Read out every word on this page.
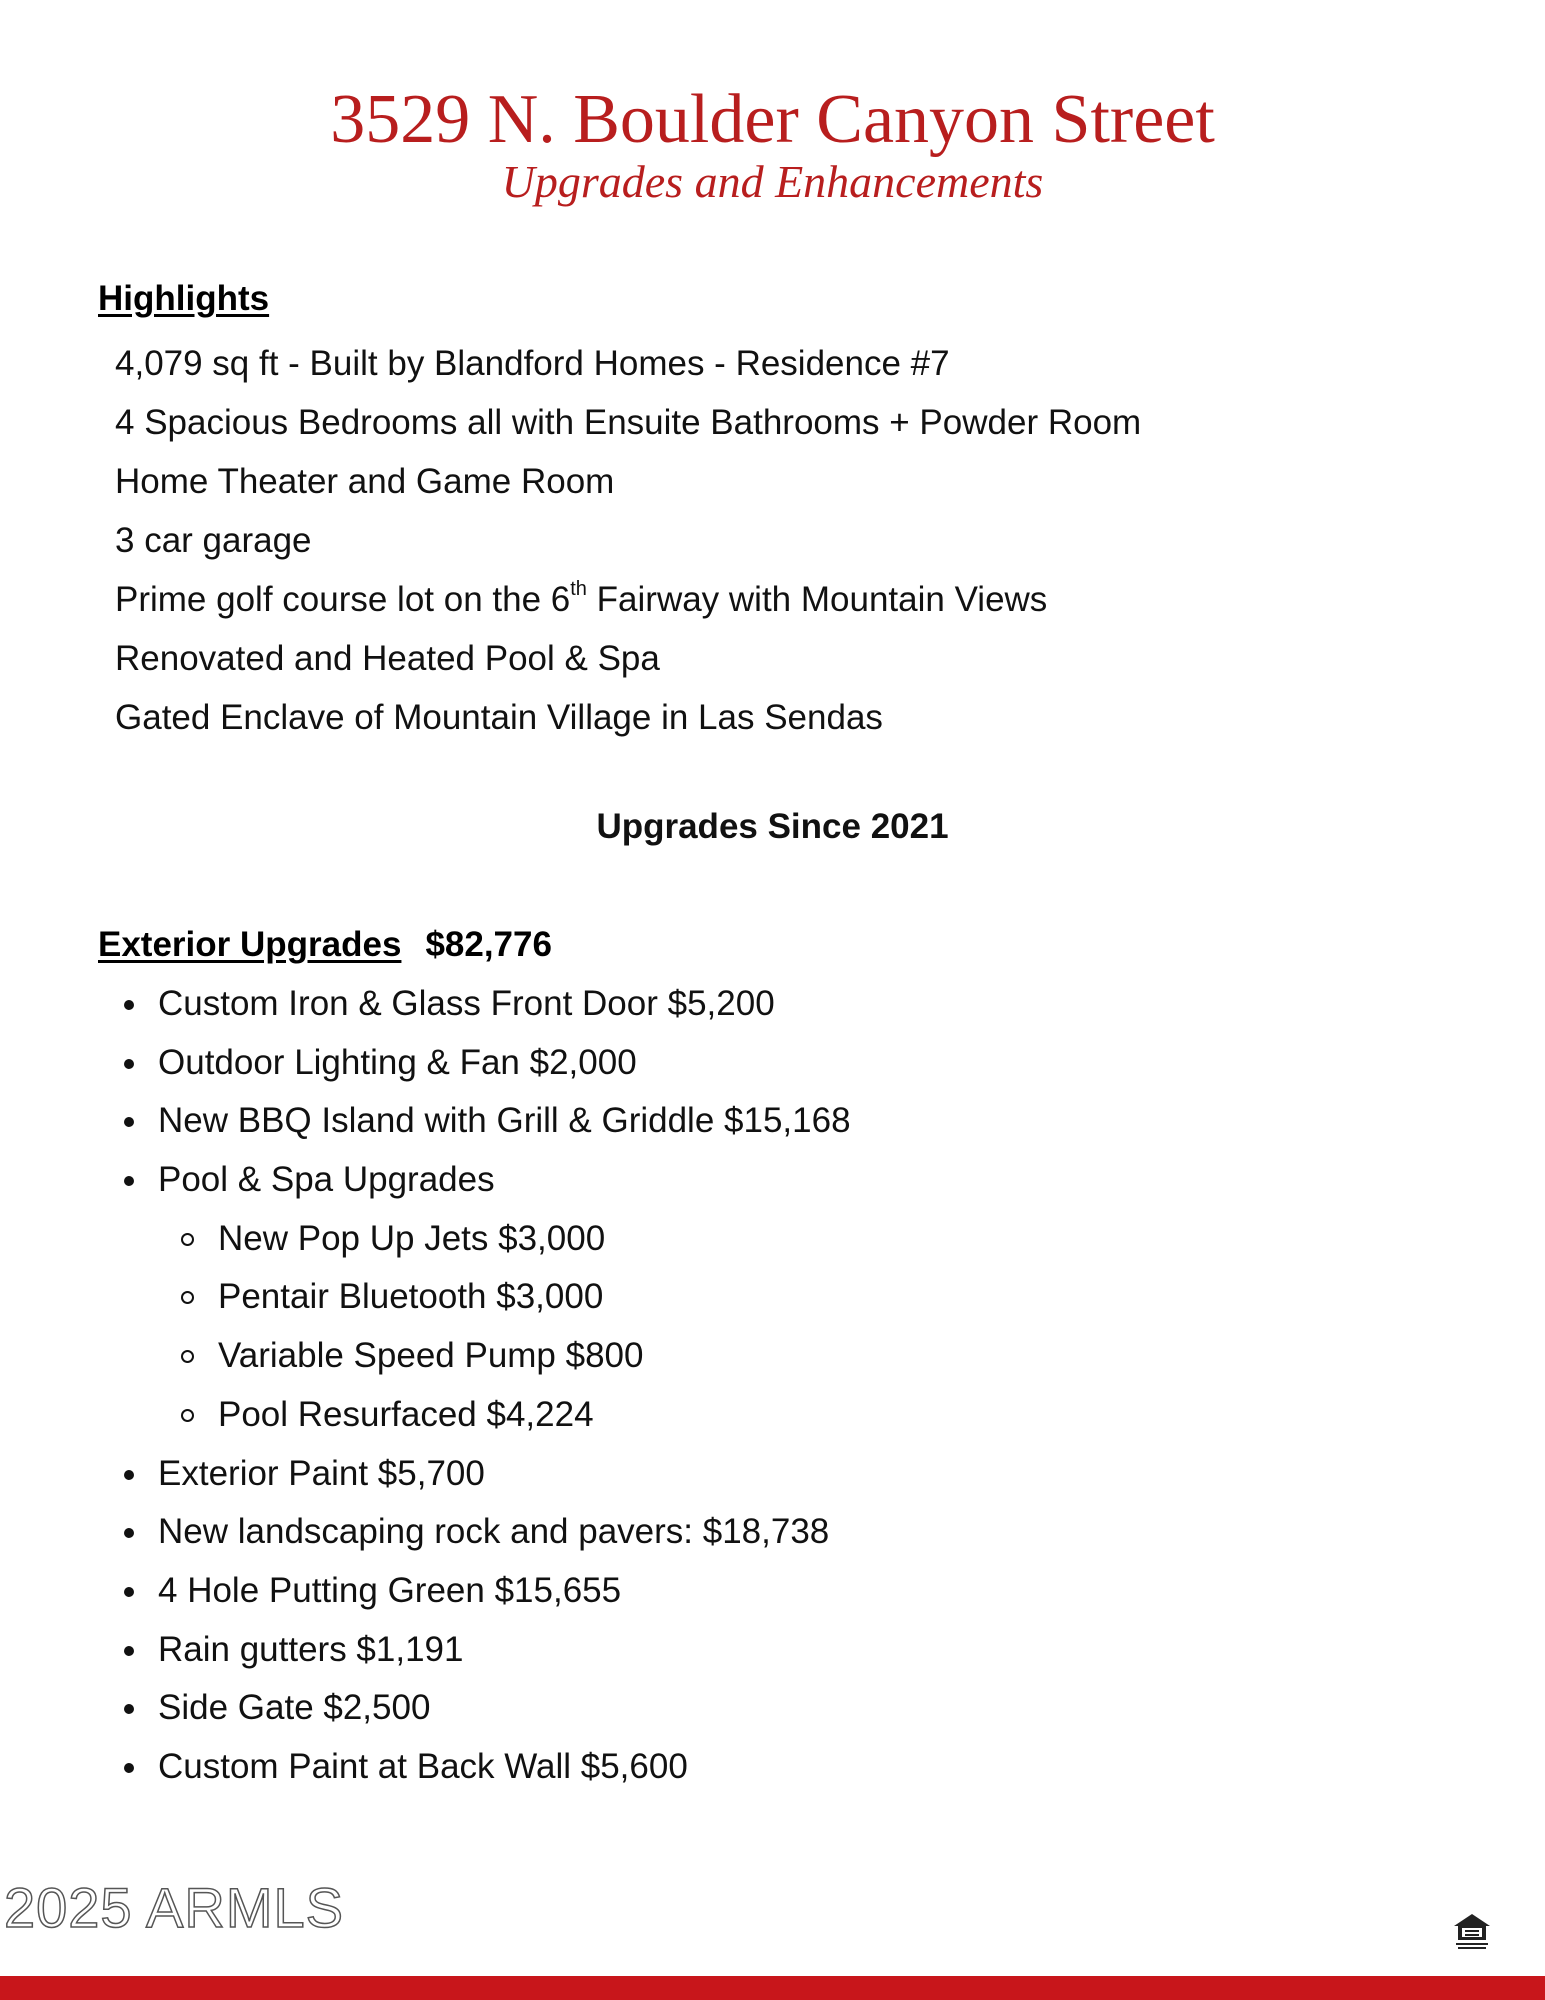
3529 N. Boulder Canyon Street
Upgrades and Enhancements
Highlights
4,079 sq ft - Built by Blandford Homes - Residence #7
4 Spacious Bedrooms all with Ensuite Bathrooms + Powder Room
Home Theater and Game Room
3 car garage
Prime golf course lot on the 6th Fairway with Mountain Views
Renovated and Heated Pool & Spa
Gated Enclave of Mountain Village in Las Sendas
Upgrades Since 2021
Exterior Upgrades $82,776
Custom Iron & Glass Front Door $5,200
Outdoor Lighting & Fan $2,000
New BBQ Island with Grill & Griddle $15,168
Pool & Spa Upgrades
New Pop Up Jets $3,000
Pentair Bluetooth $3,000
Variable Speed Pump $800
Pool Resurfaced $4,224
Exterior Paint $5,700
New landscaping rock and pavers: $18,738
4 Hole Putting Green $15,655
Rain gutters $1,191
Side Gate $2,500
Custom Paint at Back Wall $5,600
2025 ARMLS
